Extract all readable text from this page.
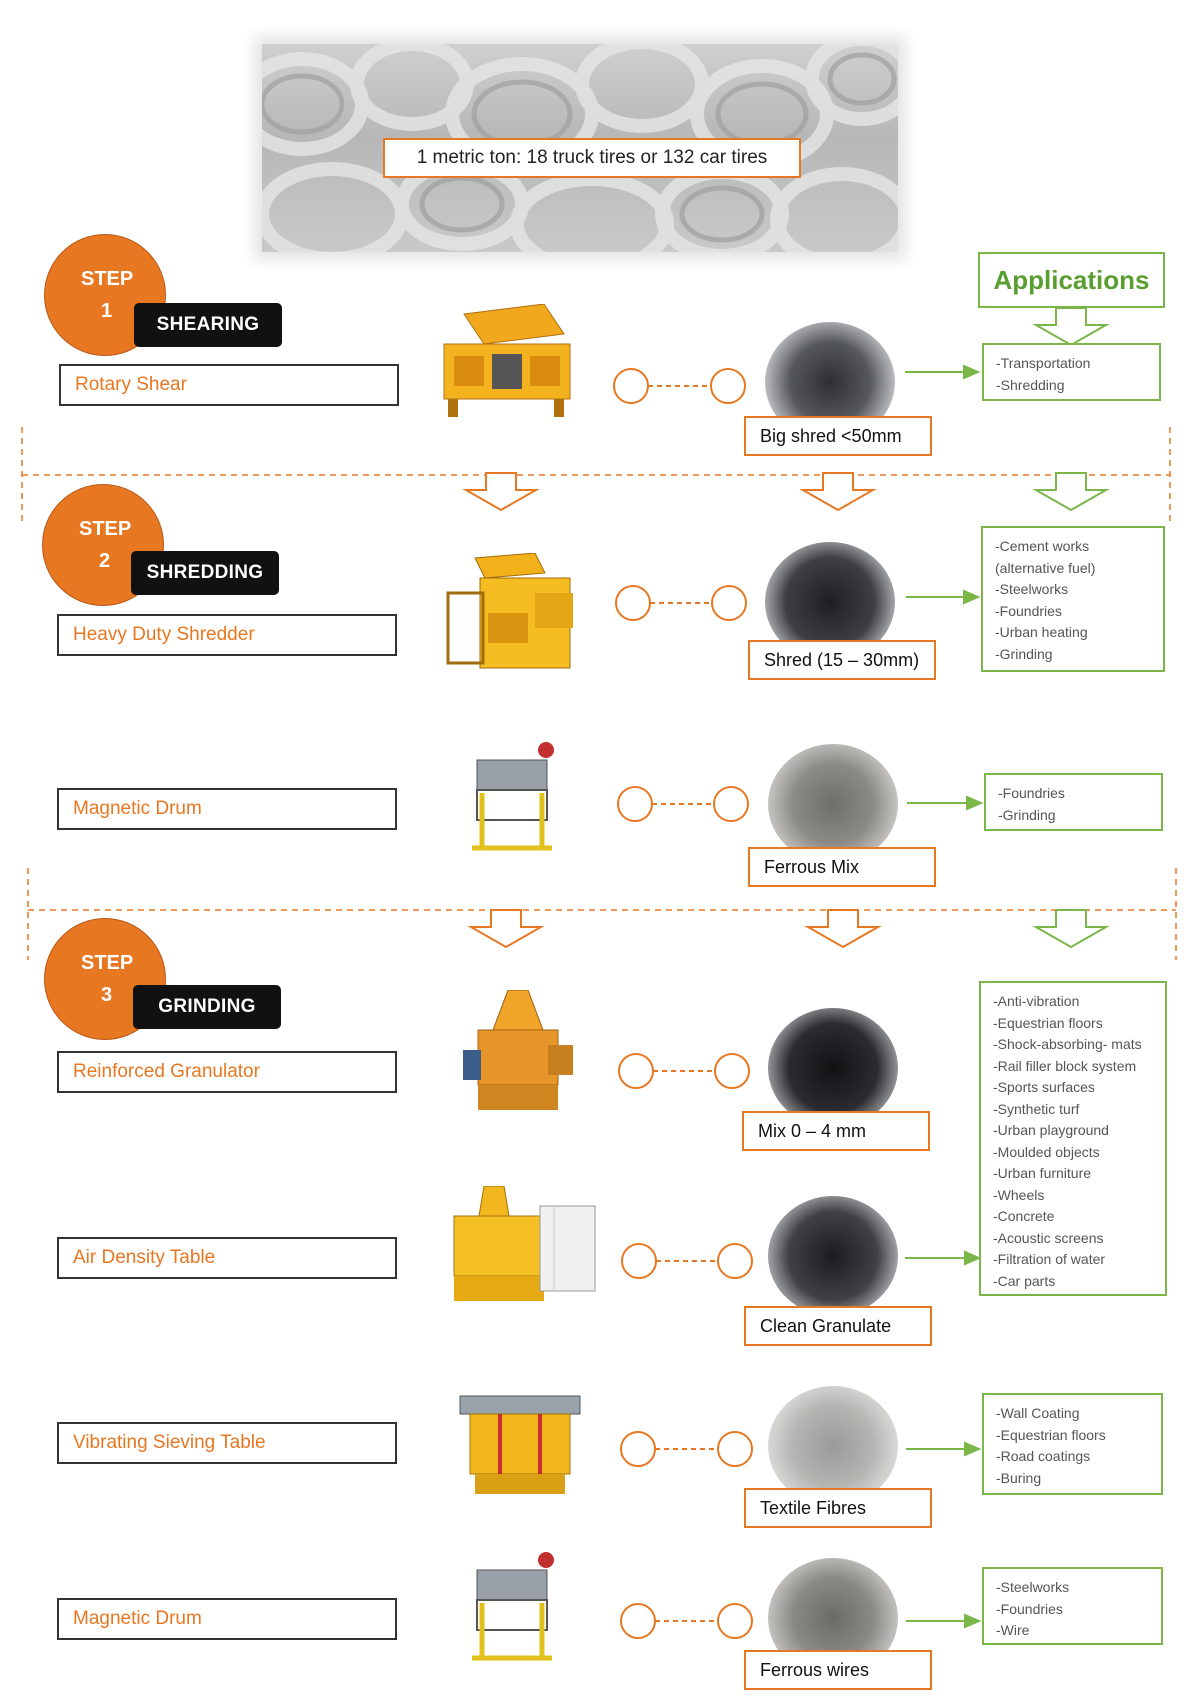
1 metric ton: 18 truck tires or 132 car tires
Applications
STEP
1
SHEARING
STEP
2
SHREDDING
STEP
3
GRINDING
Rotary Shear
Heavy Duty Shredder
Magnetic Drum
Reinforced Granulator
Air Density Table
Vibrating Sieving Table
Magnetic Drum
Big shred <50mm
Shred (15 – 30mm)
Ferrous Mix
Mix 0 – 4 mm
Clean Granulate
Textile Fibres
Ferrous wires
-Transportation
-Shredding
-Cement works
(alternative fuel)
-Steelworks
-Foundries
-Urban heating
-Grinding
-Foundries
-Grinding
-Anti-vibration
-Equestrian floors
-Shock-absorbing- mats
-Rail filler block system
-Sports surfaces
-Synthetic turf
-Urban playground
-Moulded objects
-Urban furniture
-Wheels
-Concrete
-Acoustic screens
-Filtration of water
-Car parts
-Wall Coating
-Equestrian floors
-Road coatings
-Buring
-Steelworks
-Foundries
-Wire
